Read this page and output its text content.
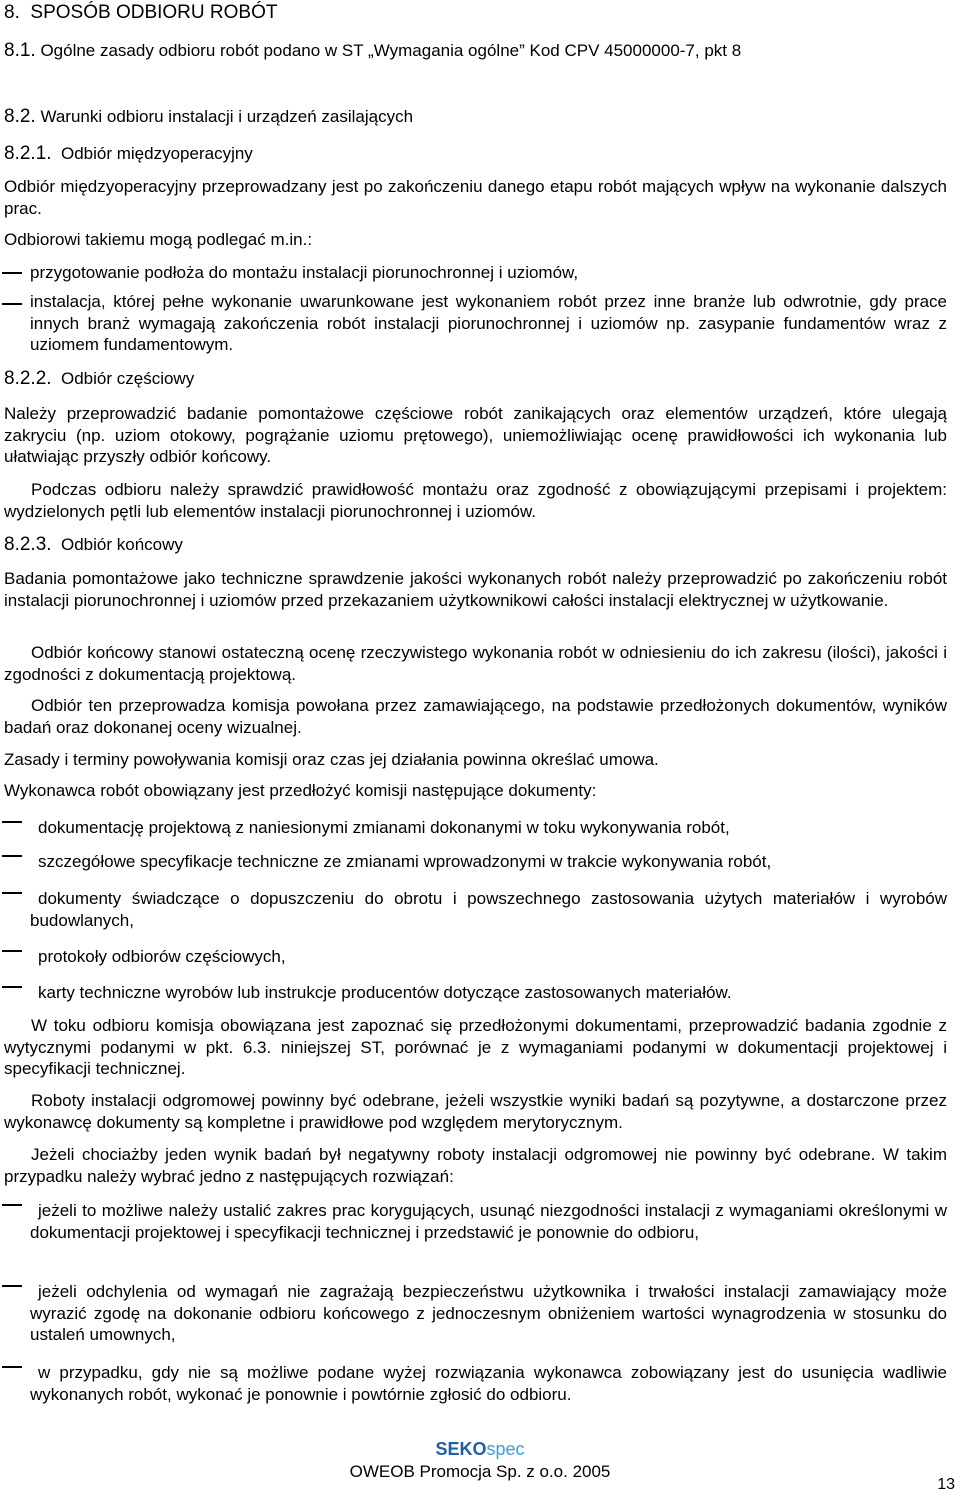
8. SPOSÓB ODBIORU ROBÓT

8.1. Ogólne zasady odbioru robót podano w ST „Wymagania ogólne” Kod CPV 45000000-7, pkt 8

8.2. Warunki odbioru instalacji i urządzeń zasilających

8.2.1. Odbiór międzyoperacyjny

Odbiór międzyoperacyjny przeprowadzany jest po zakończeniu danego etapu robót mających wpływ na wykonanie dalszych prac.

Odbiorowi takiemu mogą podlegać m.in.:

przygotowanie podłoża do montażu instalacji piorunochronnej i uziomów,

instalacja, której pełne wykonanie uwarunkowane jest wykonaniem robót przez inne branże lub odwrotnie, gdy prace innych branż wymagają zakończenia robót instalacji piorunochronnej i uziomów np. zasypanie fundamentów wraz z uziomem fundamentowym.

8.2.2. Odbiór częściowy

Należy przeprowadzić badanie pomontażowe częściowe robót zanikających oraz elementów urządzeń, które ulegają zakryciu (np. uziom otokowy, pogrążanie uziomu prętowego), uniemożliwiając ocenę prawidłowości ich wykonania lub ułatwiając przyszły odbiór końcowy.

Podczas odbioru należy sprawdzić prawidłowość montażu oraz zgodność z obowiązującymi przepisami i projektem: wydzielonych pętli lub elementów instalacji piorunochronnej i uziomów.

8.2.3. Odbiór końcowy

Badania pomontażowe jako techniczne sprawdzenie jakości wykonanych robót należy przeprowadzić po zakończeniu robót instalacji piorunochronnej i uziomów przed przekazaniem użytkownikowi całości instalacji elektrycznej w użytkowanie.

Odbiór końcowy stanowi ostateczną ocenę rzeczywistego wykonania robót w odniesieniu do ich zakresu (ilości), jakości i zgodności z dokumentacją projektową.

Odbiór ten przeprowadza komisja powołana przez zamawiającego, na podstawie przedłożonych dokumentów, wyników badań oraz dokonanej oceny wizualnej.

Zasady i terminy powoływania komisji oraz czas jej działania powinna określać umowa.

Wykonawca robót obowiązany jest przedłożyć komisji następujące dokumenty:

dokumentację projektową z naniesionymi zmianami dokonanymi w toku wykonywania robót,

szczegółowe specyfikacje techniczne ze zmianami wprowadzonymi w trakcie wykonywania robót,

dokumenty świadczące o dopuszczeniu do obrotu i powszechnego zastosowania użytych materiałów i wyrobów budowlanych,

protokoły odbiorów częściowych,

karty techniczne wyrobów lub instrukcje producentów dotyczące zastosowanych materiałów.

W toku odbioru komisja obowiązana jest zapoznać się przedłożonymi dokumentami, przeprowadzić badania zgodnie z wytycznymi podanymi w pkt. 6.3. niniejszej ST, porównać je z wymaganiami podanymi w dokumentacji projektowej i specyfikacji technicznej.

Roboty instalacji odgromowej powinny być odebrane, jeżeli wszystkie wyniki badań są pozytywne, a dostarczone przez wykonawcę dokumenty są kompletne i prawidłowe pod względem merytorycznym.

Jeżeli chociażby jeden wynik badań był negatywny roboty instalacji odgromowej nie powinny być odebrane. W takim przypadku należy wybrać jedno z następujących rozwiązań:

jeżeli to możliwe należy ustalić zakres prac korygujących, usunąć niezgodności instalacji z wymaganiami określonymi w dokumentacji projektowej i specyfikacji technicznej i przedstawić je ponownie do odbioru,

jeżeli odchylenia od wymagań nie zagrażają bezpieczeństwu użytkownika i trwałości instalacji zamawiający może wyrazić zgodę na dokonanie odbioru końcowego z jednoczesnym obniżeniem wartości wynagrodzenia w stosunku do ustaleń umownych,

w przypadku, gdy nie są możliwe podane wyżej rozwiązania wykonawca zobowiązany jest do usunięcia wadliwie wykonanych robót, wykonać je ponownie i powtórnie zgłosić do odbioru.

SEKOspec
OWEOB Promocja Sp. z o.o. 2005
13
